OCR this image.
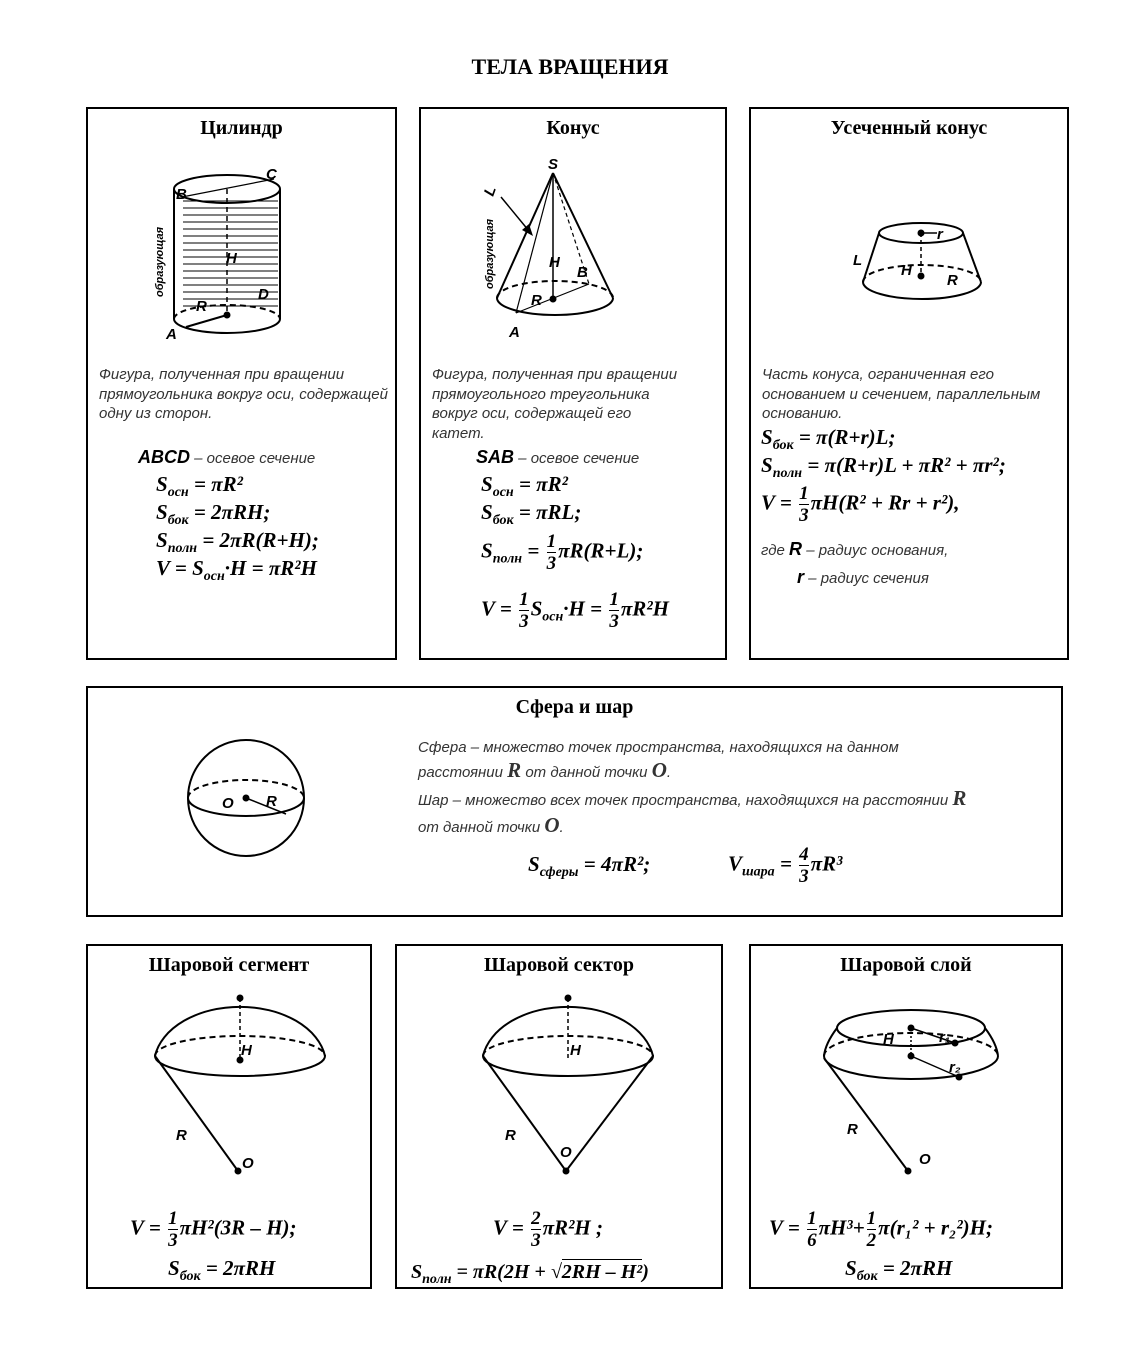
ТЕЛА ВРАЩЕНИЯ
Цилиндр
B
C
H
D
R
A
образующая
Фигура, полученная при вращении прямоугольника вокруг оси, содержащей одну из сторон.
ABCD – осевое сечение
$S_{осн} = \pi R^2$
$S_{бок} = 2\pi RH$;
$S_{полн} = 2\pi R(R+H)$;
$V = S_{осн}\cdot H = \pi R^2H$
Конус
S
L
H
B
R
A
образующая
Фигура, полученная при вращении прямоугольного треугольника вокруг оси, содержащей его катет.
SAB – осевое сечение
$S_{осн} = \pi R^2$
$S_{бок} = \pi RL$;
$S_{полн} = \frac{1}{3} \pi R(R+L)$;
$V = \frac{1}{3} S_{осн}\cdot H = \frac{1}{3} \pi R^2H$
Усеченный конус
r
L
H
R
Часть конуса, ограниченная его основанием и сечением, параллельным основанию.
$S_{бок} = \pi(R+r)L$;
$S_{полн} = \pi(R+r)L + \pi R^2 + \pi r^2$;
$V = \frac{1}{3} \pi H(R^2 + Rr + r^2)$,
где R – радиус основания,
r – радиус сечения
Сфера и шар
O R
Сфера – множество точек пространства, находящихся на данном
расстоянии R от данной точки O.
Шар – множество всех точек пространства, находящихся на расстоянии R
от данной точки O.
$S_{сферы} = 4\pi R^2$;	$V_{шара} = \frac{4}{3} \pi R^3$
Шаровой сегмент
H
R
O
$V = \frac{1}{3} \pi H^2(3R - H)$;
$S_{бок} = 2\pi RH$
Шаровой сектор
H
R
O
$V = \frac{2}{3} \pi R^2H$ ;
$S_{полн} = \pi R(2H + √2RH - H^2)$
Шаровой слой
H	r₁
r₂
R
O
$V = \frac{1}{6} \pi H^3+ \frac{1}{2} \pi(r_1^2 + r_2^2)H$;
$S_{бок} = 2\pi RH$
